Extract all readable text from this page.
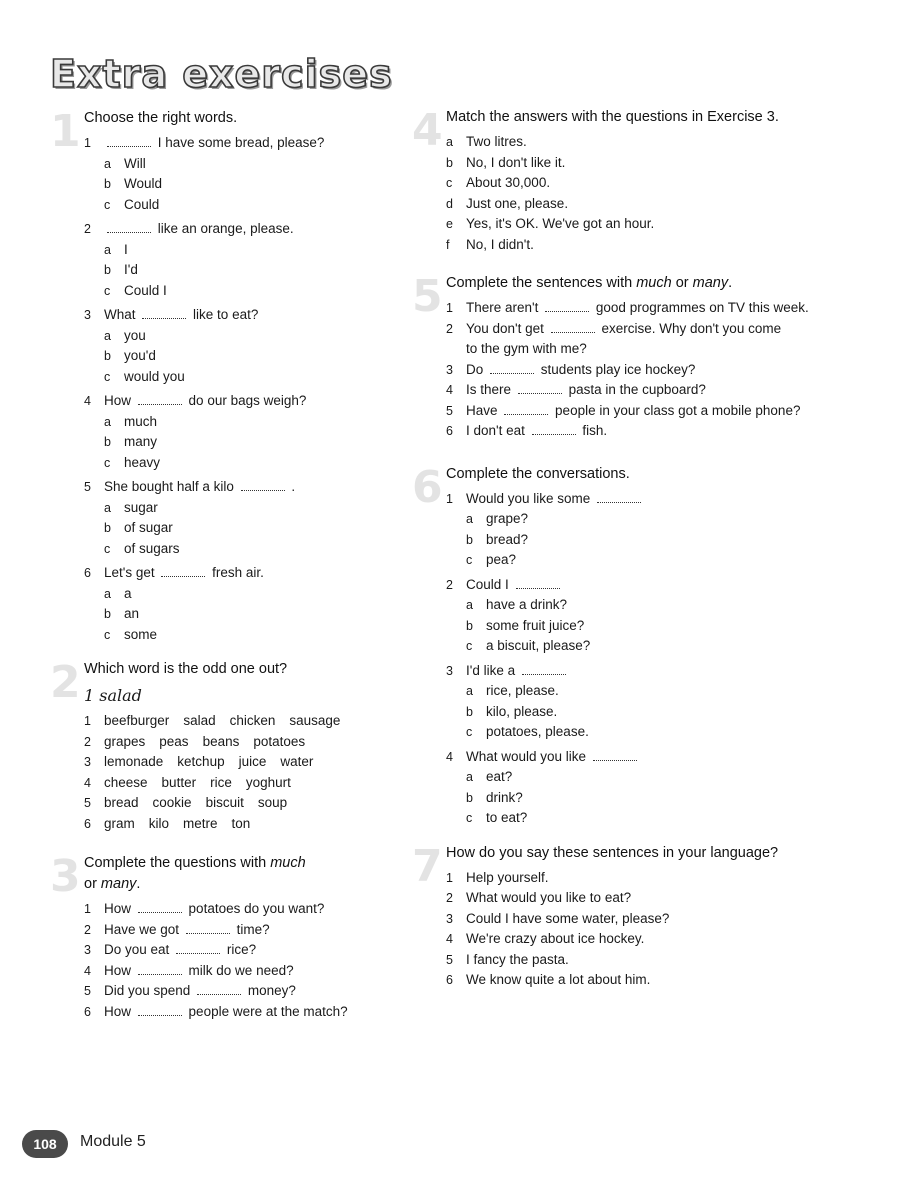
Extra exercises
1 Choose the right words.
1	I have some bread, please?
a Will
b Would
c	Could
2	like an orange, please.
a I
b I'd
c	Could I
3 What	like to eat?
a you
b you'd
c	would you
4 How	do our bags weigh?
a much
b many
c	heavy
5 She bought half a kilo	.
a sugar
b of sugar
c	of sugars
6 Let's get	fresh air.
a a
b an
c	some
2 Which word is the odd one out?
1 salad
1 beefburger salad chicken sausage
2 grapes peas beans potatoes
3 lemonade ketchup juice water
4 cheese butter rice yoghurt
5 bread cookie biscuit soup
6 gram kilo metre ton
3 Complete the questions with much
or many.
1 How	potatoes do you want?
2 Have we got	time?
3 Do you eat	rice?
4 How	milk do we need?
5 Did you spend	money?
6 How	people were at the match?
4 Match the answers with the questions in Exercise 3.
a Two litres.
b No, I don't like it.
c	About 30,000.
d Just one, please.
e Yes, it's OK. We've got an hour.
f	No, I didn't.
5 Complete the sentences with much or many.
1 There aren't	good programmes on TV this week.
2 You don't get	exercise. Why don't you come
to the gym with me?
3 Do	students play ice hockey?
4 Is there	pasta in the cupboard?
5 Have	people in your class got a mobile phone?
6 I don't eat	fish.
6 Complete the conversations.
1 Would you like some
a grape?
b bread?
c	pea?
2 Could I
a have a drink?
b some fruit juice?
c	a biscuit, please?
3 I'd like a
a rice, please.
b kilo, please.
c	potatoes, please.
4 What would you like
a eat?
b drink?
c	to eat?
7 How do you say these sentences in your language?
1 Help yourself.
2 What would you like to eat?
3 Could I have some water, please?
4 We're crazy about ice hockey.
5 I fancy the pasta.
6 We know quite a lot about him.
108	Module 5
